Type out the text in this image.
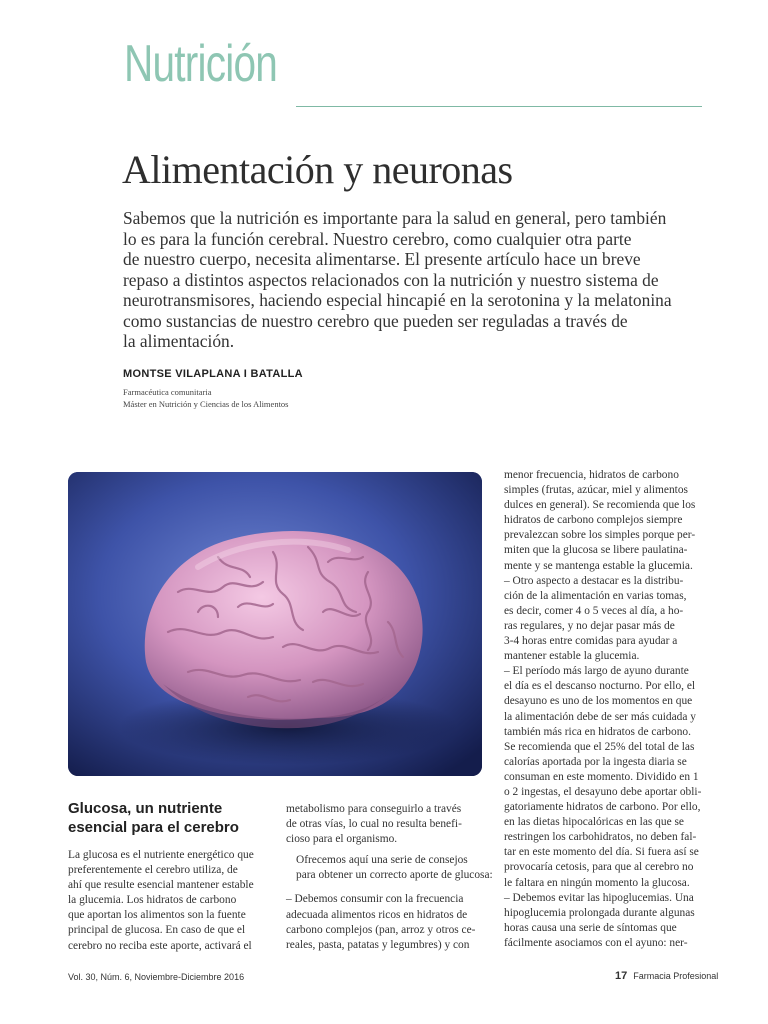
Nutrición
Alimentación y neuronas
Sabemos que la nutrición es importante para la salud en general, pero también
lo es para la función cerebral. Nuestro cerebro, como cualquier otra parte
de nuestro cuerpo, necesita alimentarse. El presente artículo hace un breve
repaso a distintos aspectos relacionados con la nutrición y nuestro sistema de
neurotransmisores, haciendo especial hincapié en la serotonina y la melatonina
como sustancias de nuestro cerebro que pueden ser reguladas a través de
la alimentación.
MONTSE VILAPLANA I BATALLA
Farmacéutica comunitaria
Máster en Nutrición y Ciencias de los Alimentos
Glucosa, un nutriente
esencial para el cerebro
La glucosa es el nutriente energético que
preferentemente el cerebro utiliza, de
ahí que resulte esencial mantener estable
la glucemia. Los hidratos de carbono
que aportan los alimentos son la fuente
principal de glucosa. En caso de que el
cerebro no reciba este aporte, activará el
metabolismo para conseguirlo a través
de otras vías, lo cual no resulta benefi-
cioso para el organismo.
Ofrecemos aquí una serie de consejos
para obtener un correcto aporte de glucosa:
– Debemos consumir con la frecuencia
adecuada alimentos ricos en hidratos de
carbono complejos (pan, arroz y otros ce-
reales, pasta, patatas y legumbres) y con
menor frecuencia, hidratos de carbono
simples (frutas, azúcar, miel y alimentos
dulces en general). Se recomienda que los
hidratos de carbono complejos siempre
prevalezcan sobre los simples porque per-
miten que la glucosa se libere paulatina-
mente y se mantenga estable la glucemia.
– Otro aspecto a destacar es la distribu-
ción de la alimentación en varias tomas,
es decir, comer 4 o 5 veces al día, a ho-
ras regulares, y no dejar pasar más de
3-4 horas entre comidas para ayudar a
mantener estable la glucemia.
– El período más largo de ayuno durante
el día es el descanso nocturno. Por ello, el
desayuno es uno de los momentos en que
la alimentación debe de ser más cuidada y
también más rica en hidratos de carbono.
Se recomienda que el 25% del total de las
calorías aportada por la ingesta diaria se
consuman en este momento. Dividido en 1
o 2 ingestas, el desayuno debe aportar obli-
gatoriamente hidratos de carbono. Por ello,
en las dietas hipocalóricas en las que se
restringen los carbohidratos, no deben fal-
tar en este momento del día. Si fuera así se
provocaría cetosis, para que al cerebro no
le faltara en ningún momento la glucosa.
– Debemos evitar las hipoglucemias. Una
hipoglucemia prolongada durante algunas
horas causa una serie de síntomas que
fácilmente asociamos con el ayuno: ner-
Vol. 30, Núm. 6, Noviembre-Diciembre 2016	17 Farmacia Profesional
